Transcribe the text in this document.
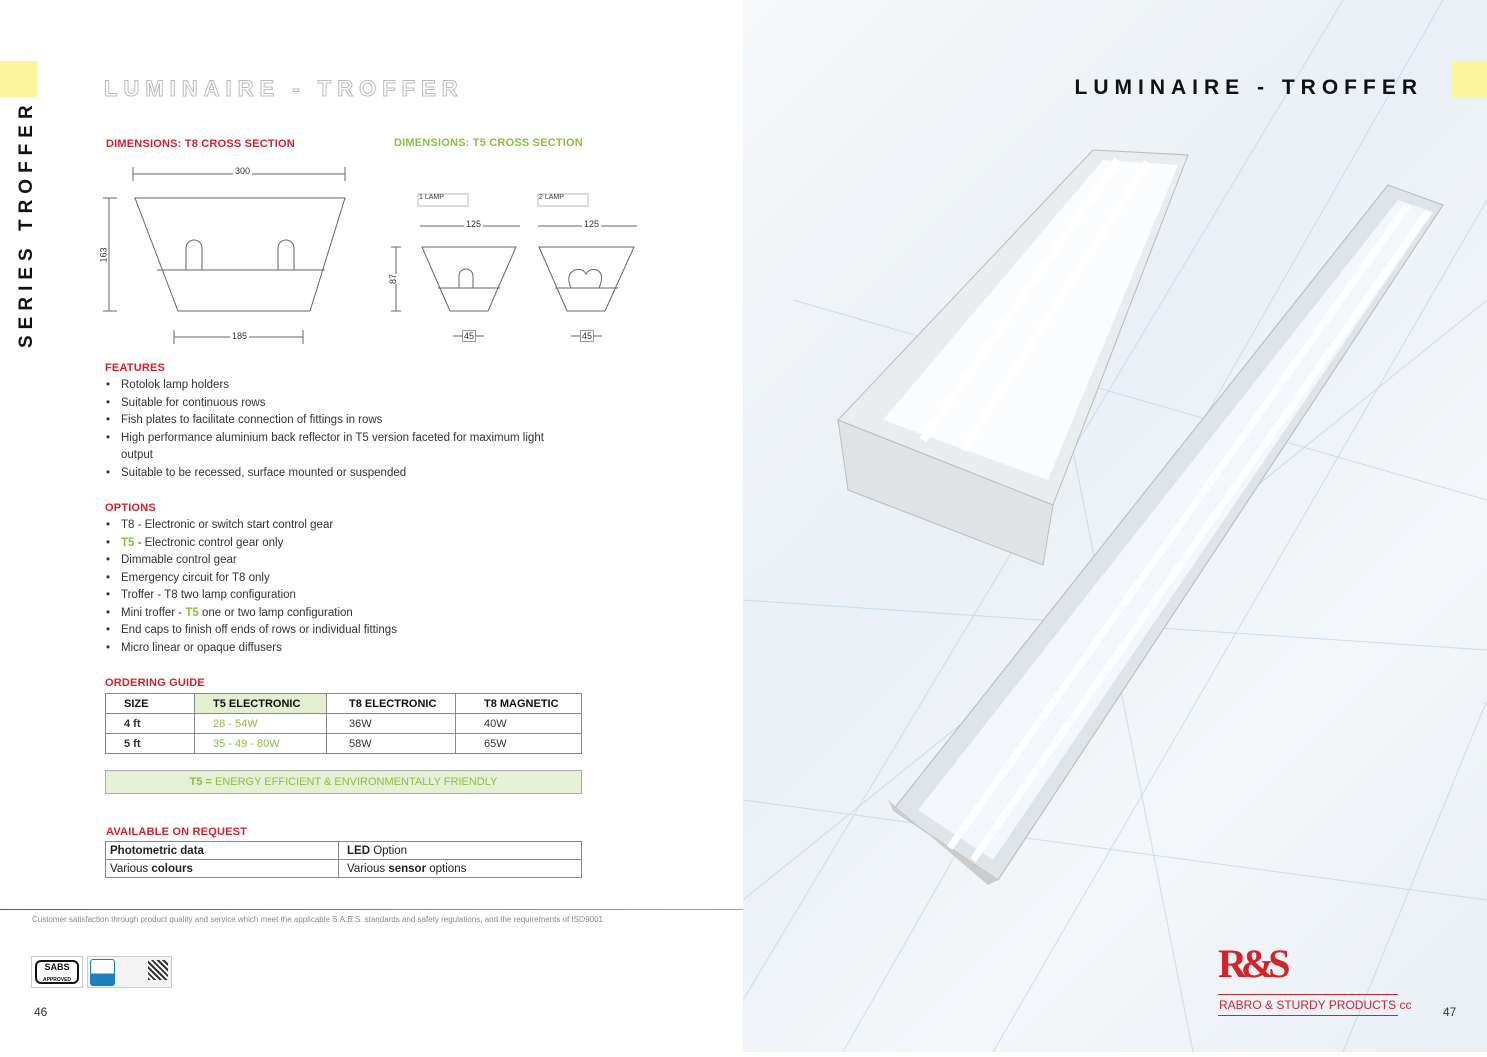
LUMINAIRE - TROFFER
SERIES TROFFER	DIMENSIONS: T8 CROSS SECTION	DIMENSIONS: T5 CROSS SECTION
300
163
185
1 LAMP	2 LAMP
125	125
87
45	45
FEATURES
• Rotolok lamp holders
• Suitable for continuous rows
• Fish plates to facilitate connection of fittings in rows
• High performance aluminium back reflector in T5 version faceted for maximum light output
• Suitable to be recessed, surface mounted or suspended
OPTIONS
• T8 - Electronic or switch start control gear
• T5 - Electronic control gear only
• Dimmable control gear
• Emergency circuit for T8 only
• Troffer - T8 two lamp configuration
• Mini troffer - T5 one or two lamp configuration
• End caps to finish off ends of rows or individual fittings
• Micro linear or opaque diffusers
ORDERING GUIDE
SIZE	T5 ELECTRONIC	T8 ELECTRONIC	T8 MAGNETIC
4 ft	28 - 54W	36W	40W
5 ft	35 - 49 - 80W	58W	65W
T5 = ENERGY EFFICIENT & ENVIRONMENTALLY FRIENDLY
AVAILABLE ON REQUEST
Photometric data	LED Option
Various colours	Various sensor options
Customer satisfaction through product quality and service which meet the applicable S.A.B.S. standards and safety regulations, and the requirements of ISO9001
SABS
APPROVED
46
LUMINAIRE - TROFFER
R&S
RABRO & STURDY PRODUCTS cc	47
